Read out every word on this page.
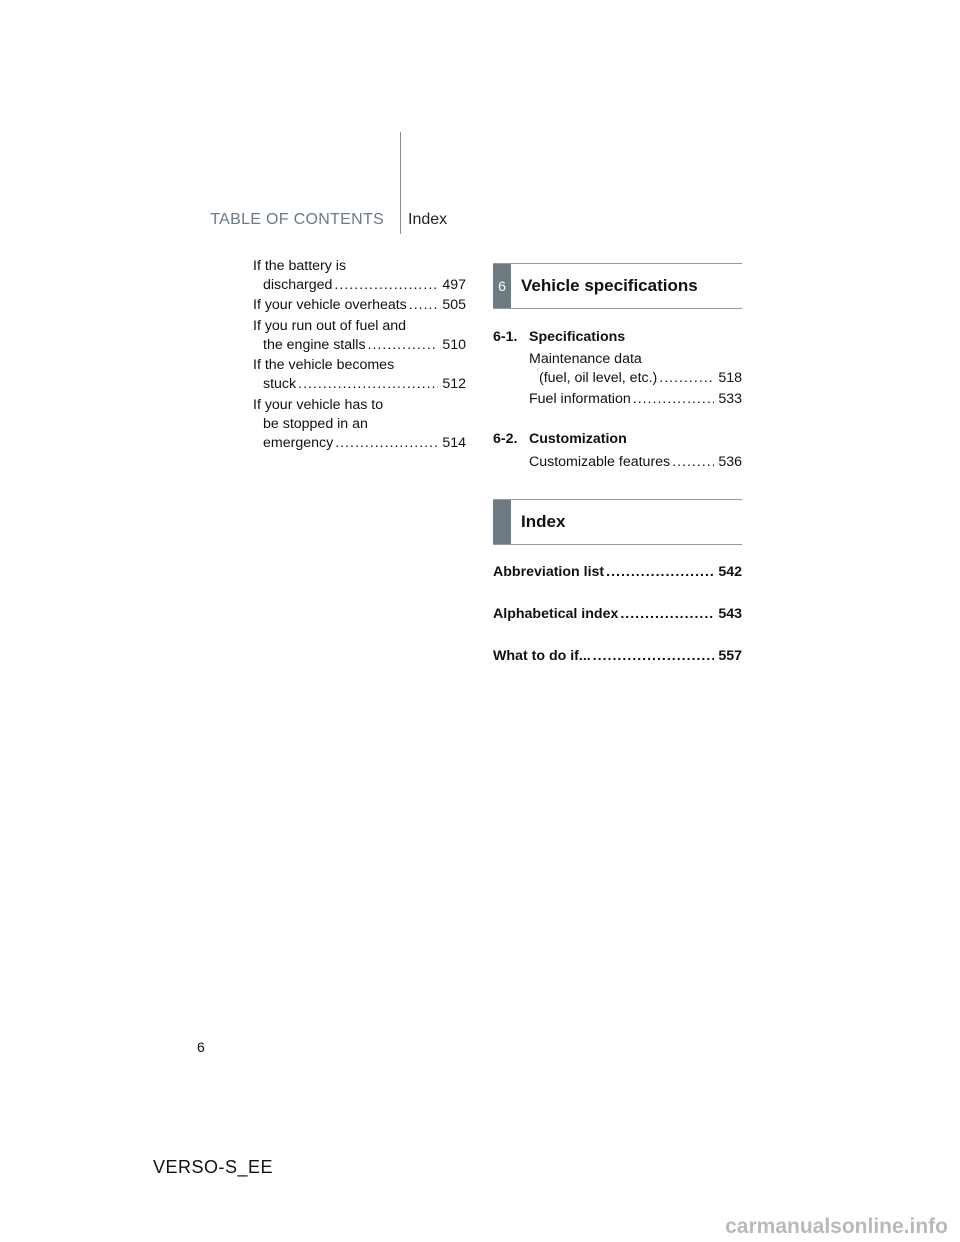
TABLE OF CONTENTS Index
If the battery is
discharged .....	497
If your vehicle overheats .....	505
If you run out of fuel and
the engine stalls .....	510
If the vehicle becomes
stuck .....	512
If your vehicle has to
be stopped in an
emergency .....	514
6 Vehicle specifications
6-1. Specifications
Maintenance data
(fuel, oil level, etc.) .....	518
Fuel information .....	533
6-2. Customization
Customizable features .....	536
Index
Abbreviation list .....	542
Alphabetical index .....	543
What to do if... .....	557
6
VERSO-S_EE
carmanualsonline.info
